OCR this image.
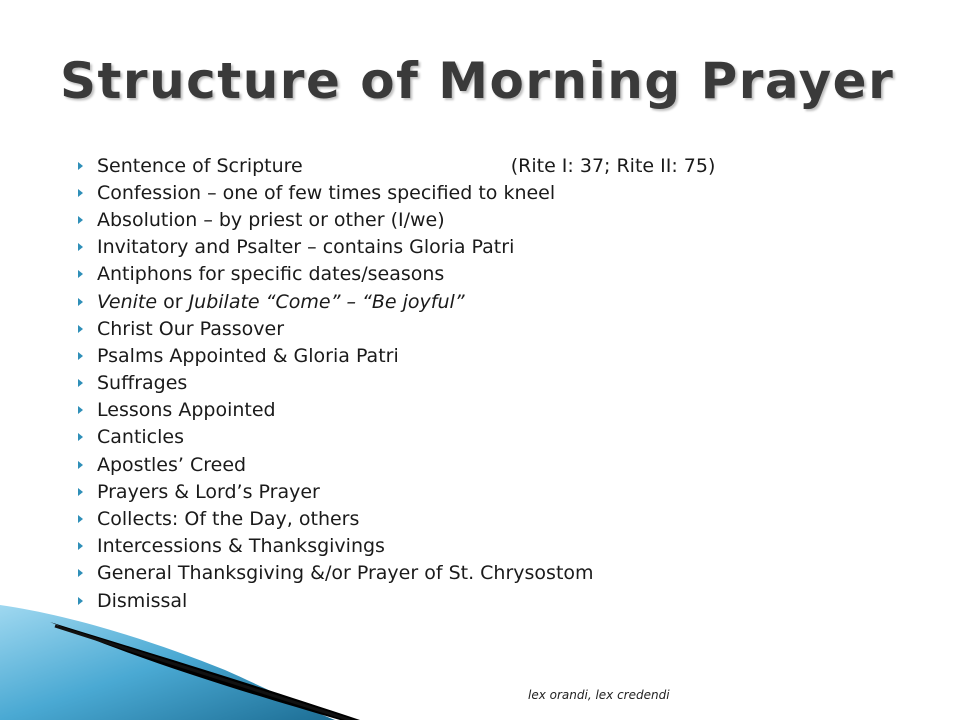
Structure of Morning Prayer
Sentence of Scripture	(Rite I: 37; Rite II: 75)
Confession – one of few times specified to kneel
Absolution – by priest or other (I/we)
Invitatory and Psalter – contains Gloria Patri
Antiphons for specific dates/seasons
Venite or Jubilate “Come” – “Be joyful”
Christ Our Passover
Psalms Appointed & Gloria Patri
Suffrages
Lessons Appointed
Canticles
Apostles’ Creed
Prayers & Lord’s Prayer
Collects: Of the Day, others
Intercessions & Thanksgivings
General Thanksgiving &/or Prayer of St. Chrysostom
Dismissal
lex orandi, lex credendi
